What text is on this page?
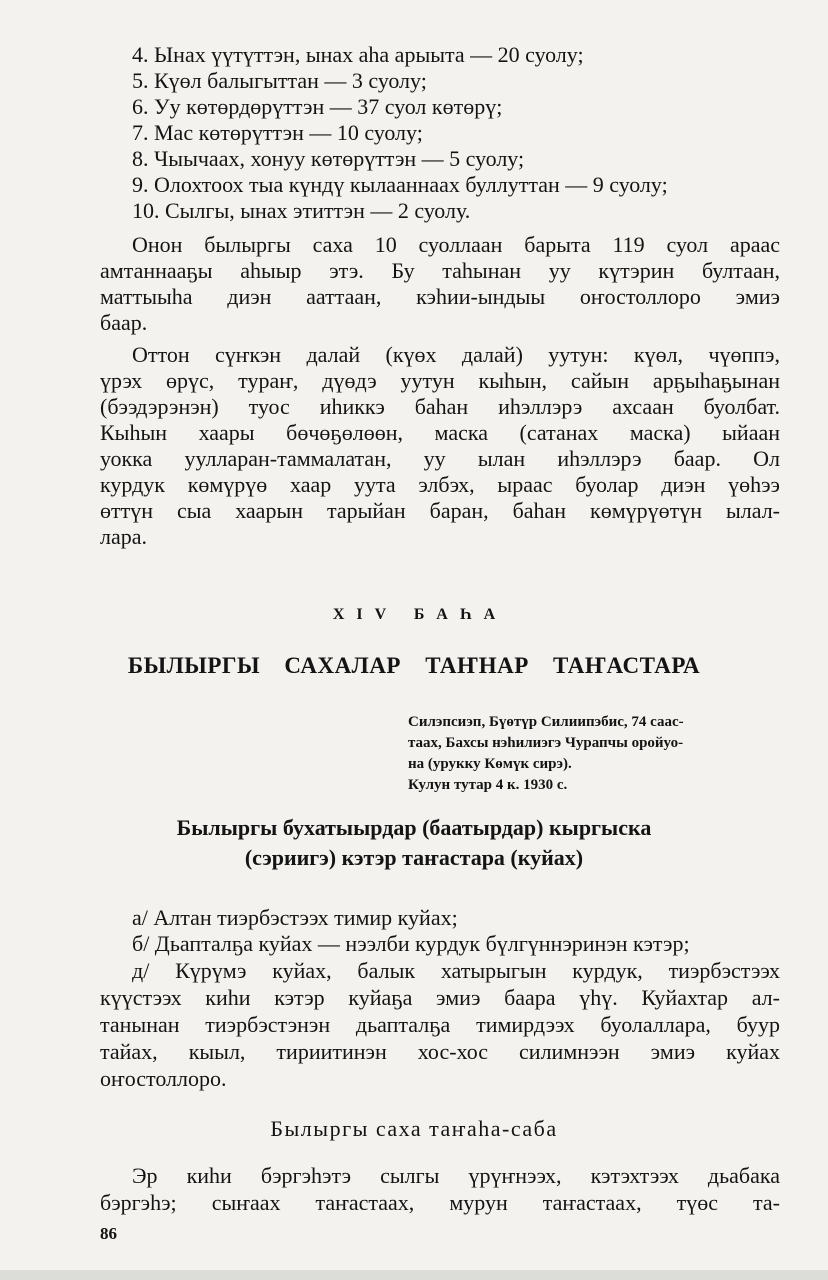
4. Ынах үүтүттэн, ынах аһа арыыта — 20 суолу;
5. Күөл балыгыттан — 3 суолу;
6. Уу көтөрдөрүттэн — 37 суол көтөрү;
7. Мас көтөрүттэн — 10 суолу;
8. Чыычаах, хонуу көтөрүттэн — 5 суолу;
9. Олохтоох тыа күндү кылааннаах буллуттан — 9 суолу;
10. Сылгы, ынах этиттэн — 2 суолу.
Онон былыргы саха 10 суоллаан барыта 119 суол араас
амтаннааҕы аһыыр этэ. Бу таһынан уу күтэрин бултаан,
маттыыһа диэн ааттаан, кэһии-ындыы оҥостоллоро эмиэ
баар.
Оттон сүҥкэн далай (күөх далай) уутун: күөл, чүөппэ,
үрэх өрүс, тураҥ, дүөдэ уутун кыһын, сайын арҕыһаҕынан
(бээдэрэнэн) туос иһиккэ баһан иһэллэрэ ахсаан буолбат.
Кыһын хаары бөчөҕөлөөн, маска (сатанах маска) ыйаан
уокка ууллаpан-таммалатан, уу ылан иһэллэрэ баар. Ол
курдук көмүрүө хаар уута элбэх, ыраас буолар диэн үөһээ
өттүн сыа хаарын тарыйан баран, баһан көмүрүөтүн ылал-
лара.
XIV БАҺА
БЫЛЫРГЫ САХАЛАР ТАҤНАР ТАҤАСТАРА
Силэпсиэп, Бүөтүр Силиипэбис, 74 саас-
таах, Бахсы нэһилиэгэ Чурапчы оройуо-
на (урукку Көмүк сирэ).
Кулун тутар 4 к. 1930 с.
Былыргы бухатыырдар (баатырдар) кыргыска
(сэриигэ) кэтэр таҥастара (куйах)
а/ Алтан тиэрбэстээх тимир куйах;
б/ Дьапталҕа куйах — нээлби курдук бүлгүннэринэн кэтэр;
д/ Күрүмэ куйах, балык хатырыгын курдук, тиэрбэстээх
күүстээх киһи кэтэр куйаҕа эмиэ баара үһү. Куйахтар ал-
танынан тиэрбэстэнэн дьапталҕа тимирдээх буолаллара, буур
тайах, кыыл, тириитинэн хос-хос силимнээн эмиэ куйах
оҥостоллоро.
Былыргы саха таҥаһа-саба
Эр киһи бэргэһэтэ сылгы үрүҥнээх, кэтэхтээх дьабака
бэргэһэ; сыҥаах таҥастаах, мурун таҥастаах, түөс та-
86
